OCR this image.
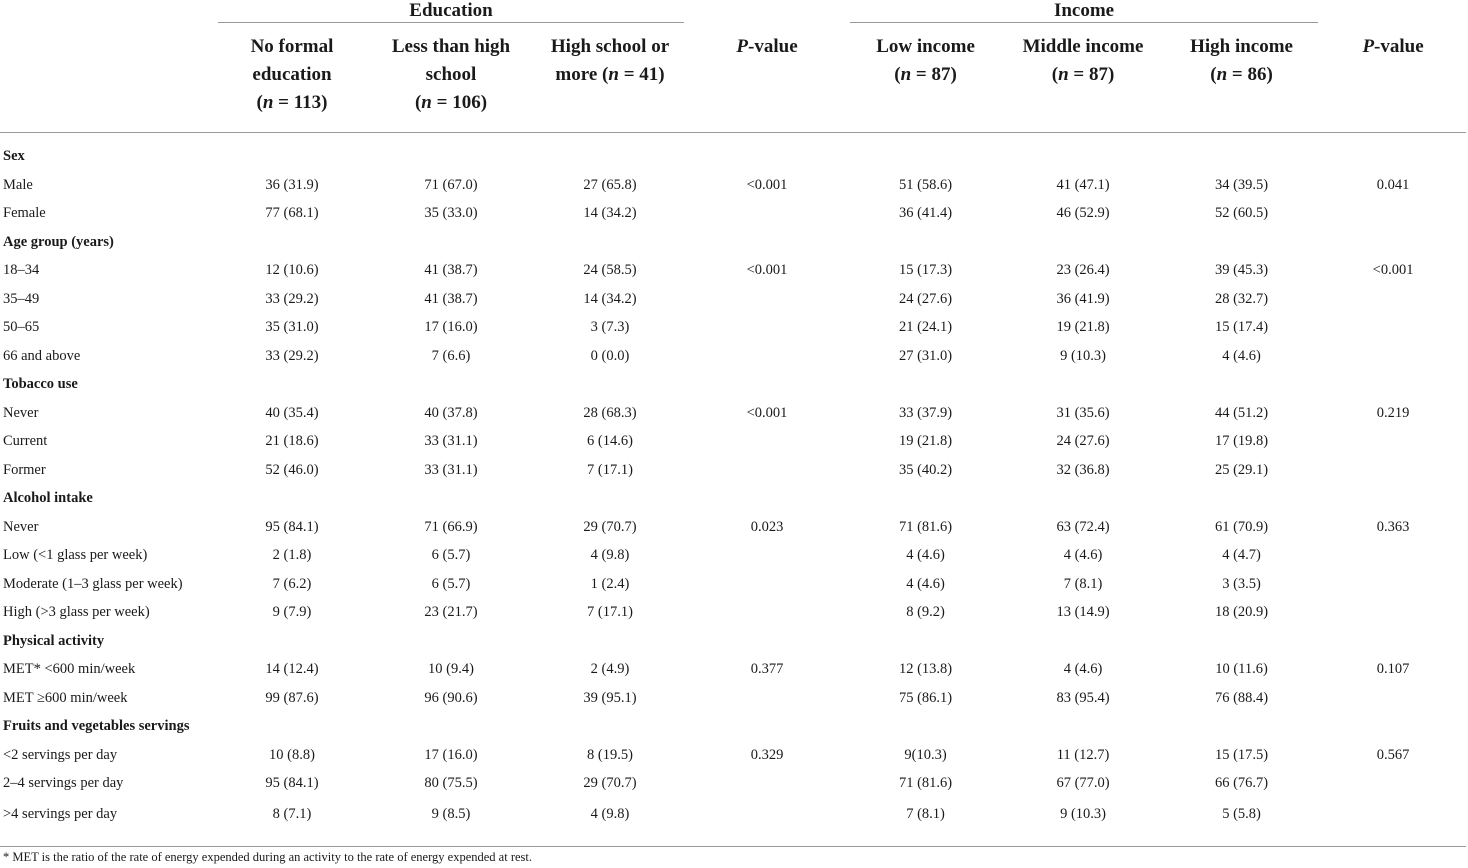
	Education				Income		

	No formal
education
(n = 113)	Less than high
school
(n = 106)	High school or
more (n = 41)	P-value	Low income
(n = 87)	Middle income
(n = 87)	High income
(n = 86)	P-value

Sex								
Male	36 (31.9)	71 (67.0)	27 (65.8)	<0.001	51 (58.6)	41 (47.1)	34 (39.5)	0.041
Female	77 (68.1)	35 (33.0)	14 (34.2)		36 (41.4)	46 (52.9)	52 (60.5)	
Age group (years)								
18–34	12 (10.6)	41 (38.7)	24 (58.5)	<0.001	15 (17.3)	23 (26.4)	39 (45.3)	<0.001
35–49	33 (29.2)	41 (38.7)	14 (34.2)		24 (27.6)	36 (41.9)	28 (32.7)	
50–65	35 (31.0)	17 (16.0)	3 (7.3)		21 (24.1)	19 (21.8)	15 (17.4)	
66 and above	33 (29.2)	7 (6.6)	0 (0.0)		27 (31.0)	9 (10.3)	4 (4.6)	
Tobacco use								
Never	40 (35.4)	40 (37.8)	28 (68.3)	<0.001	33 (37.9)	31 (35.6)	44 (51.2)	0.219
Current	21 (18.6)	33 (31.1)	6 (14.6)		19 (21.8)	24 (27.6)	17 (19.8)	
Former	52 (46.0)	33 (31.1)	7 (17.1)		35 (40.2)	32 (36.8)	25 (29.1)	
Alcohol intake								
Never	95 (84.1)	71 (66.9)	29 (70.7)	0.023	71 (81.6)	63 (72.4)	61 (70.9)	0.363
Low (<1 glass per week)	2 (1.8)	6 (5.7)	4 (9.8)		4 (4.6)	4 (4.6)	4 (4.7)	
Moderate (1–3 glass per week)	7 (6.2)	6 (5.7)	1 (2.4)		4 (4.6)	7 (8.1)	3 (3.5)	
High (>3 glass per week)	9 (7.9)	23 (21.7)	7 (17.1)		8 (9.2)	13 (14.9)	18 (20.9)	
Physical activity								
MET* <600 min/week	14 (12.4)	10 (9.4)	2 (4.9)	0.377	12 (13.8)	4 (4.6)	10 (11.6)	0.107
MET ≥600 min/week	99 (87.6)	96 (90.6)	39 (95.1)		75 (86.1)	83 (95.4)	76 (88.4)	
Fruits and vegetables servings								
<2 servings per day	10 (8.8)	17 (16.0)	8 (19.5)	0.329	9(10.3)	11 (12.7)	15 (17.5)	0.567
2–4 servings per day	95 (84.1)	80 (75.5)	29 (70.7)		71 (81.6)	67 (77.0)	66 (76.7)	
>4 servings per day	8 (7.1)	9 (8.5)	4 (9.8)		7 (8.1)	9 (10.3)	5 (5.8)	
* MET is the ratio of the rate of energy expended during an activity to the rate of energy expended at rest.
